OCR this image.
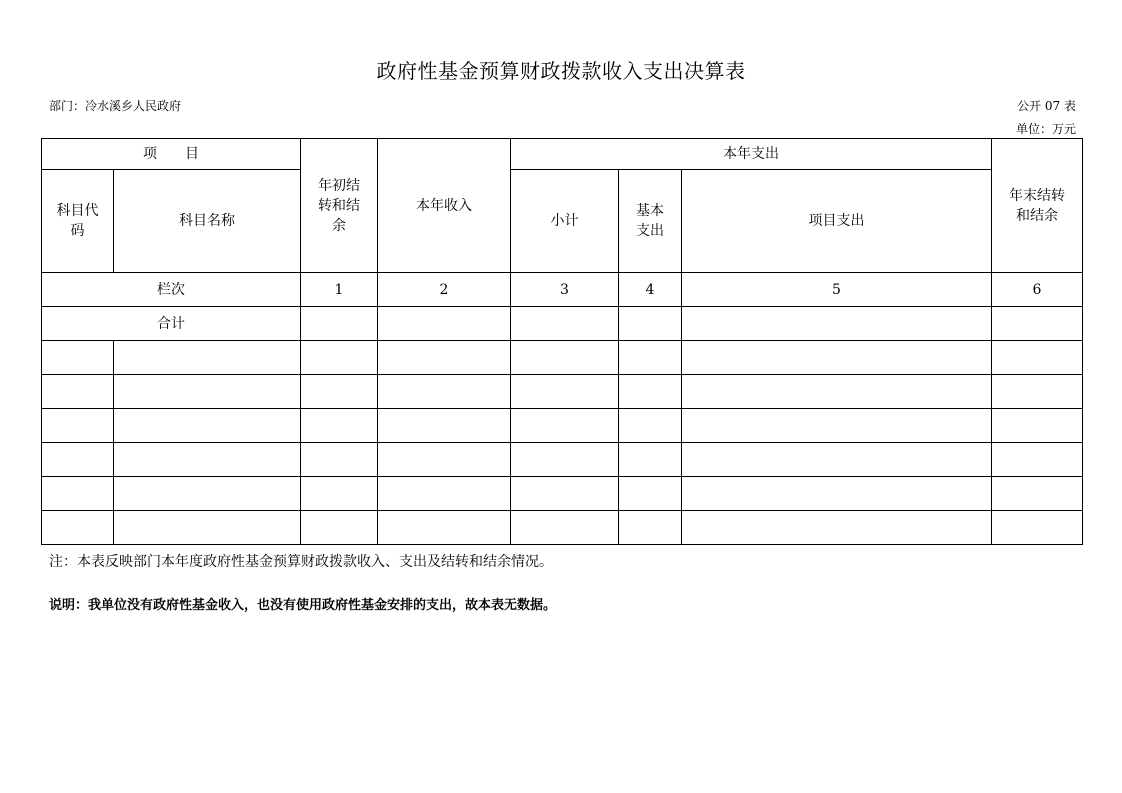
政府性基金预算财政拨款收入支出决算表
部门：冷水溪乡人民政府	公开 07 表
单位：万元
项　　目		年初结转和结余	本年收入	本年支出			年末结转和结余

科目代码	科目名称			小计	基本支出	项目支出	
栏次		1	2	3	4	5	6
合计							

注：本表反映部门本年度政府性基金预算财政拨款收入、支出及结转和结余情况。
说明：我单位没有政府性基金收入，也没有使用政府性基金安排的支出，故本表无数据。
